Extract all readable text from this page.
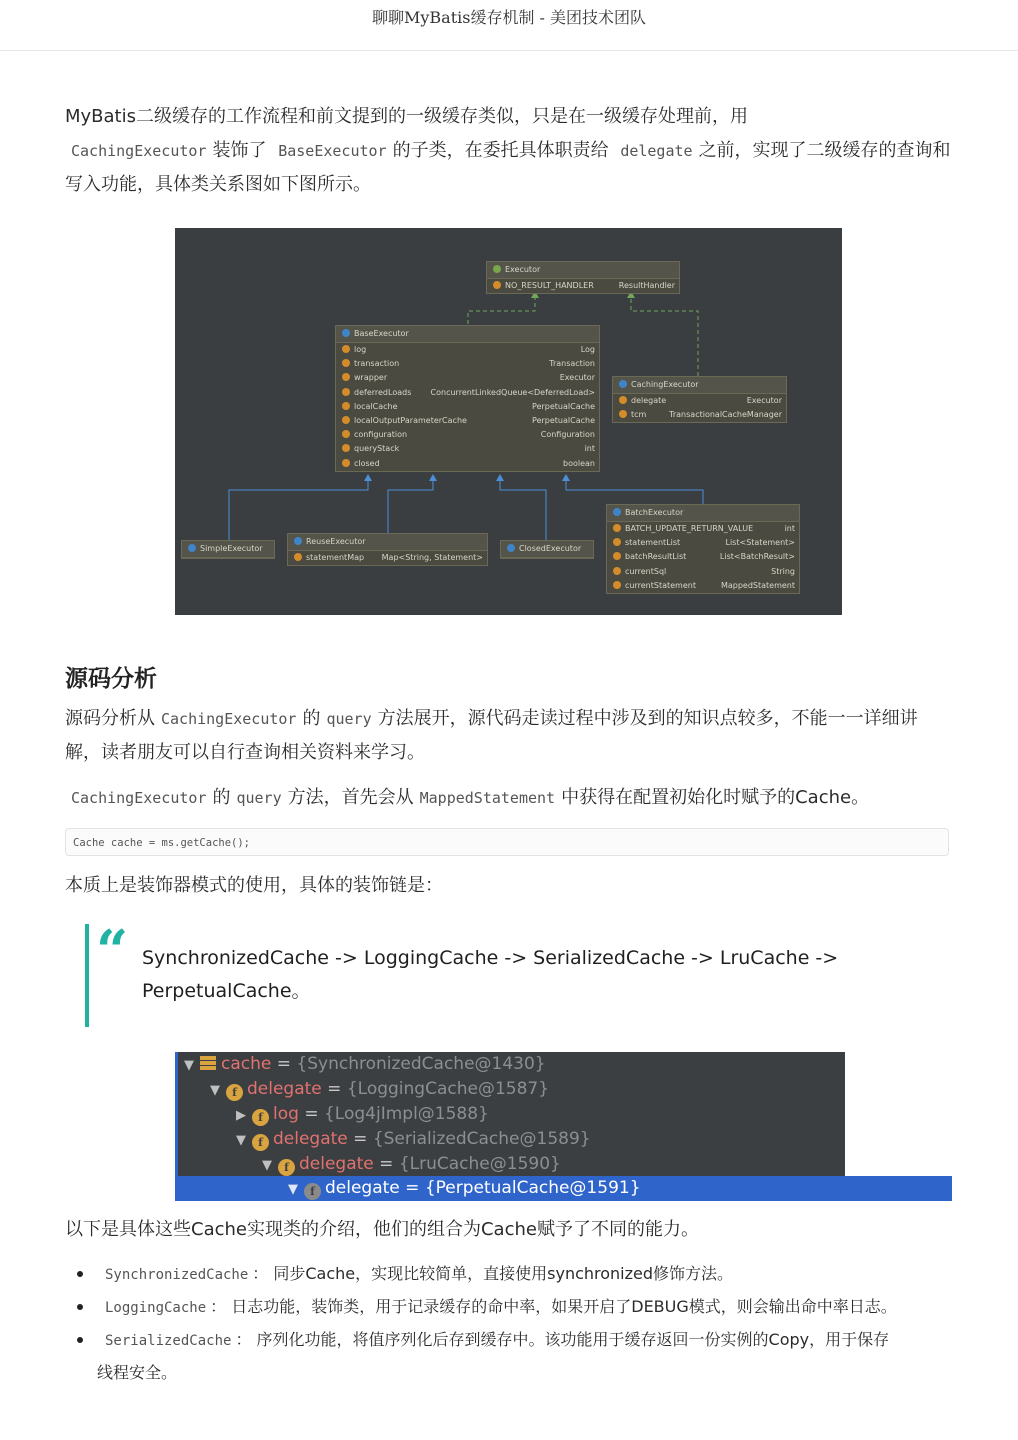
聊聊MyBatis缓存机制 - 美团技术团队
MyBatis二级缓存的工作流程和前文提到的一级缓存类似，只是在一级缓存处理前，用
CachingExecutor 装饰了 BaseExecutor 的子类，在委托具体职责给 delegate 之前，实现了二级缓存的查询和写入功能，具体类关系图如下图所示。
Executor
NO_RESULT_HANDLER	ResultHandler
BaseExecutor
log	Log
transaction	Transaction
wrapper	Executor
deferredLoads ConcurrentLinkedQueue<DeferredLoad>
localCache	PerpetualCache
localOutputParameterCache	PerpetualCache
configuration	Configuration
queryStack	int
closed	boolean
CachingExecutor
delegate	Executor
tcm	TransactionalCacheManager
SimpleExecutor
ReuseExecutor
statementMap Map<String, Statement>
ClosedExecutor
BatchExecutor
BATCH_UPDATE_RETURN_VALUE	int
statementList	List<Statement>
batchResultList	List<BatchResult>
currentSql	String
currentStatement	MappedStatement
源码分析
源码分析从 CachingExecutor 的 query 方法展开，源代码走读过程中涉及到的知识点较多，不能一一详细讲解，读者朋友可以自行查询相关资料来学习。
CachingExecutor 的 query 方法，首先会从 MappedStatement 中获得在配置初始化时赋予的Cache。
Cache cache = ms.getCache();
本质上是装饰器模式的使用，具体的装饰链是：
“ SynchronizedCache -> LoggingCache -> SerializedCache -> LruCache -> PerpetualCache。
▼ cache = {SynchronizedCache@1430}
▼ f delegate = {LoggingCache@1587}
▶ f log = {Log4jImpl@1588}
▼ f delegate = {SerializedCache@1589}
▼ f delegate = {LruCache@1590}
▼ f delegate = {PerpetualCache@1591}
以下是具体这些Cache实现类的介绍，他们的组合为Cache赋予了不同的能力。
SynchronizedCache ： 同步Cache，实现比较简单，直接使用synchronized修饰方法。
LoggingCache ： 日志功能，装饰类，用于记录缓存的命中率，如果开启了DEBUG模式，则会输出命中率日志。
SerializedCache ： 序列化功能，将值序列化后存到缓存中。该功能用于缓存返回一份实例的Copy，用于保存
线程安全。
